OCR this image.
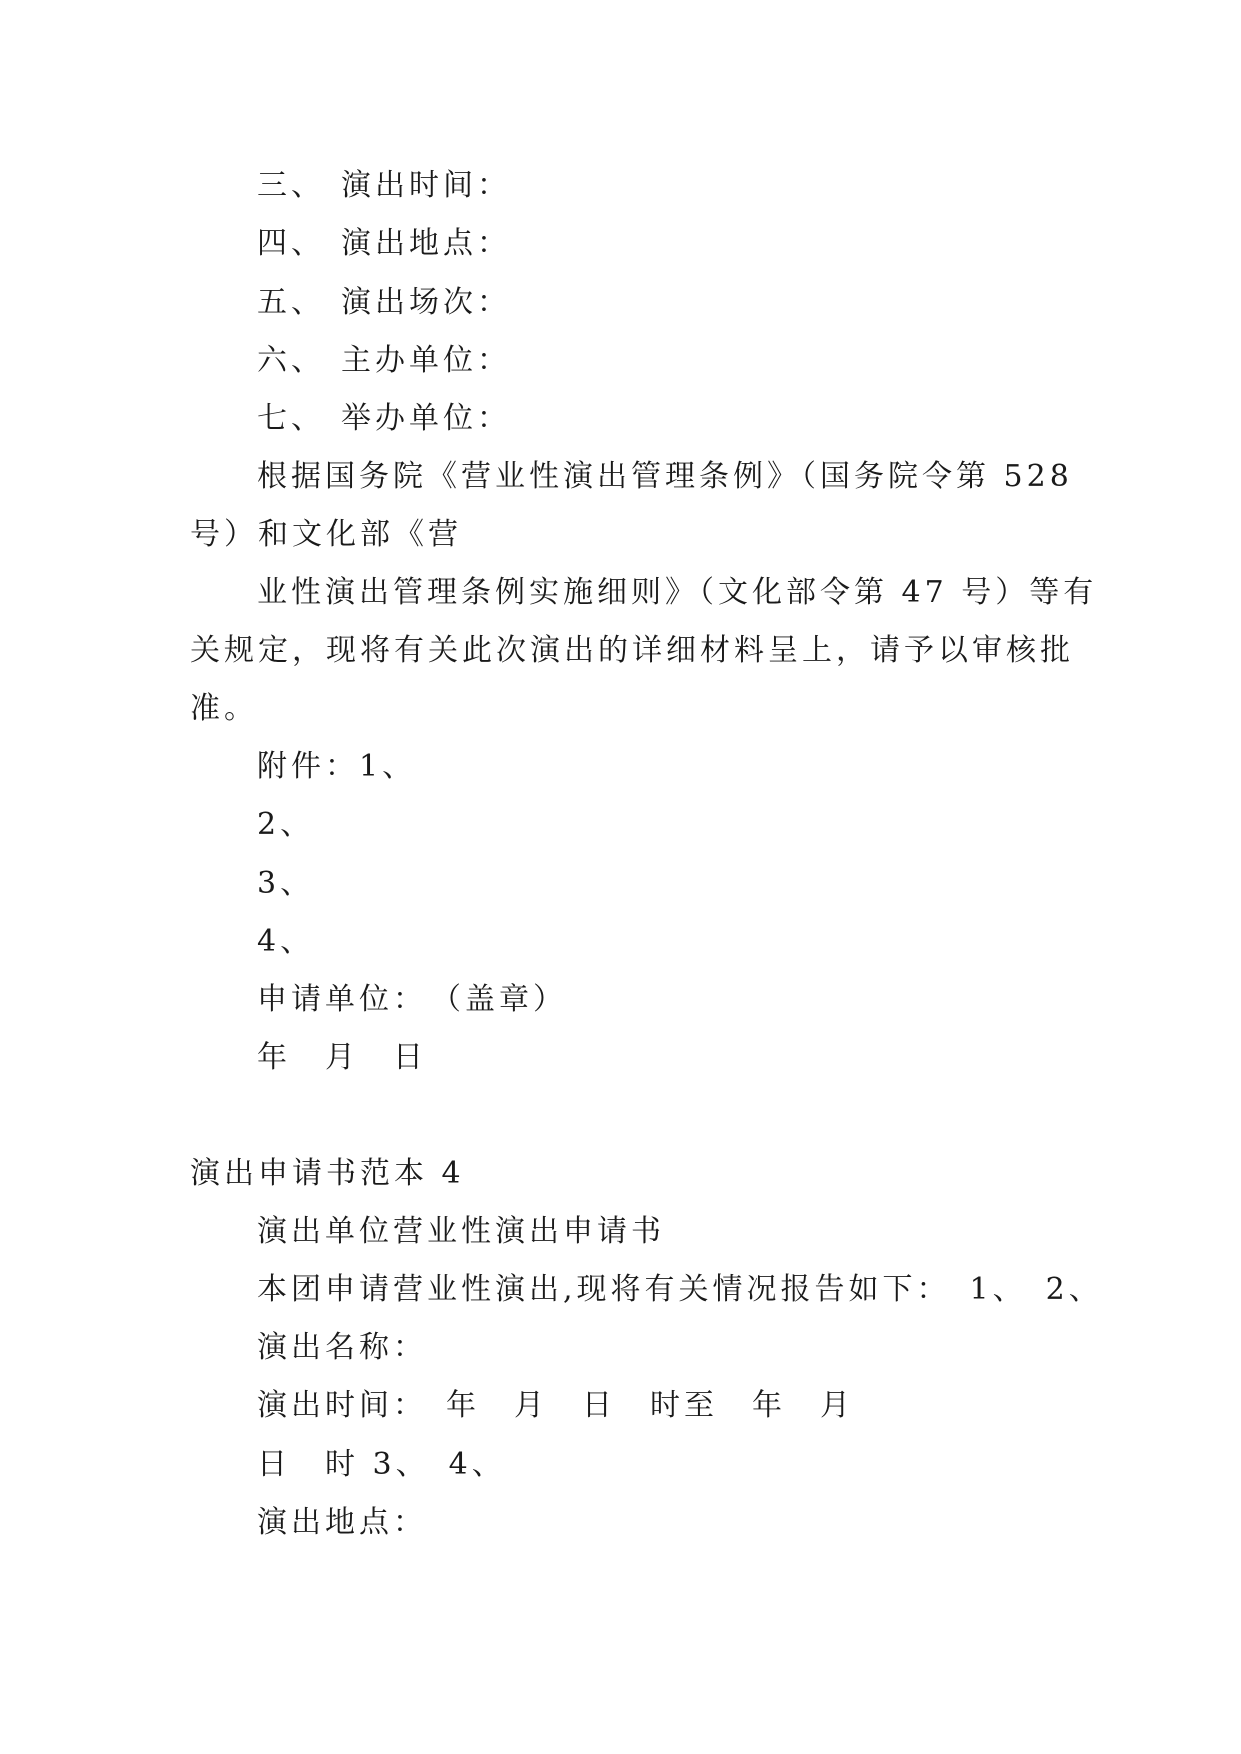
三、 演出时间：
四、 演出地点：
五、 演出场次：
六、 主办单位：
七、 举办单位：
根据国务院《营业性演出管理条例》（国务院令第 528
号）和文化部《营
业性演出管理条例实施细则》（文化部令第 47 号）等有
关规定，现将有关此次演出的详细材料呈上，请予以审核批
准。
附件：1、
2、
3、
4、
申请单位：　（盖章）
年　月　日
演出申请书范本 4
演出单位营业性演出申请书
本团申请营业性演出,现将有关情况报告如下：　1、　2、
演出名称：
演出时间：　年　月　日　时至　年　月
日　时 3、　4、
演出地点：
